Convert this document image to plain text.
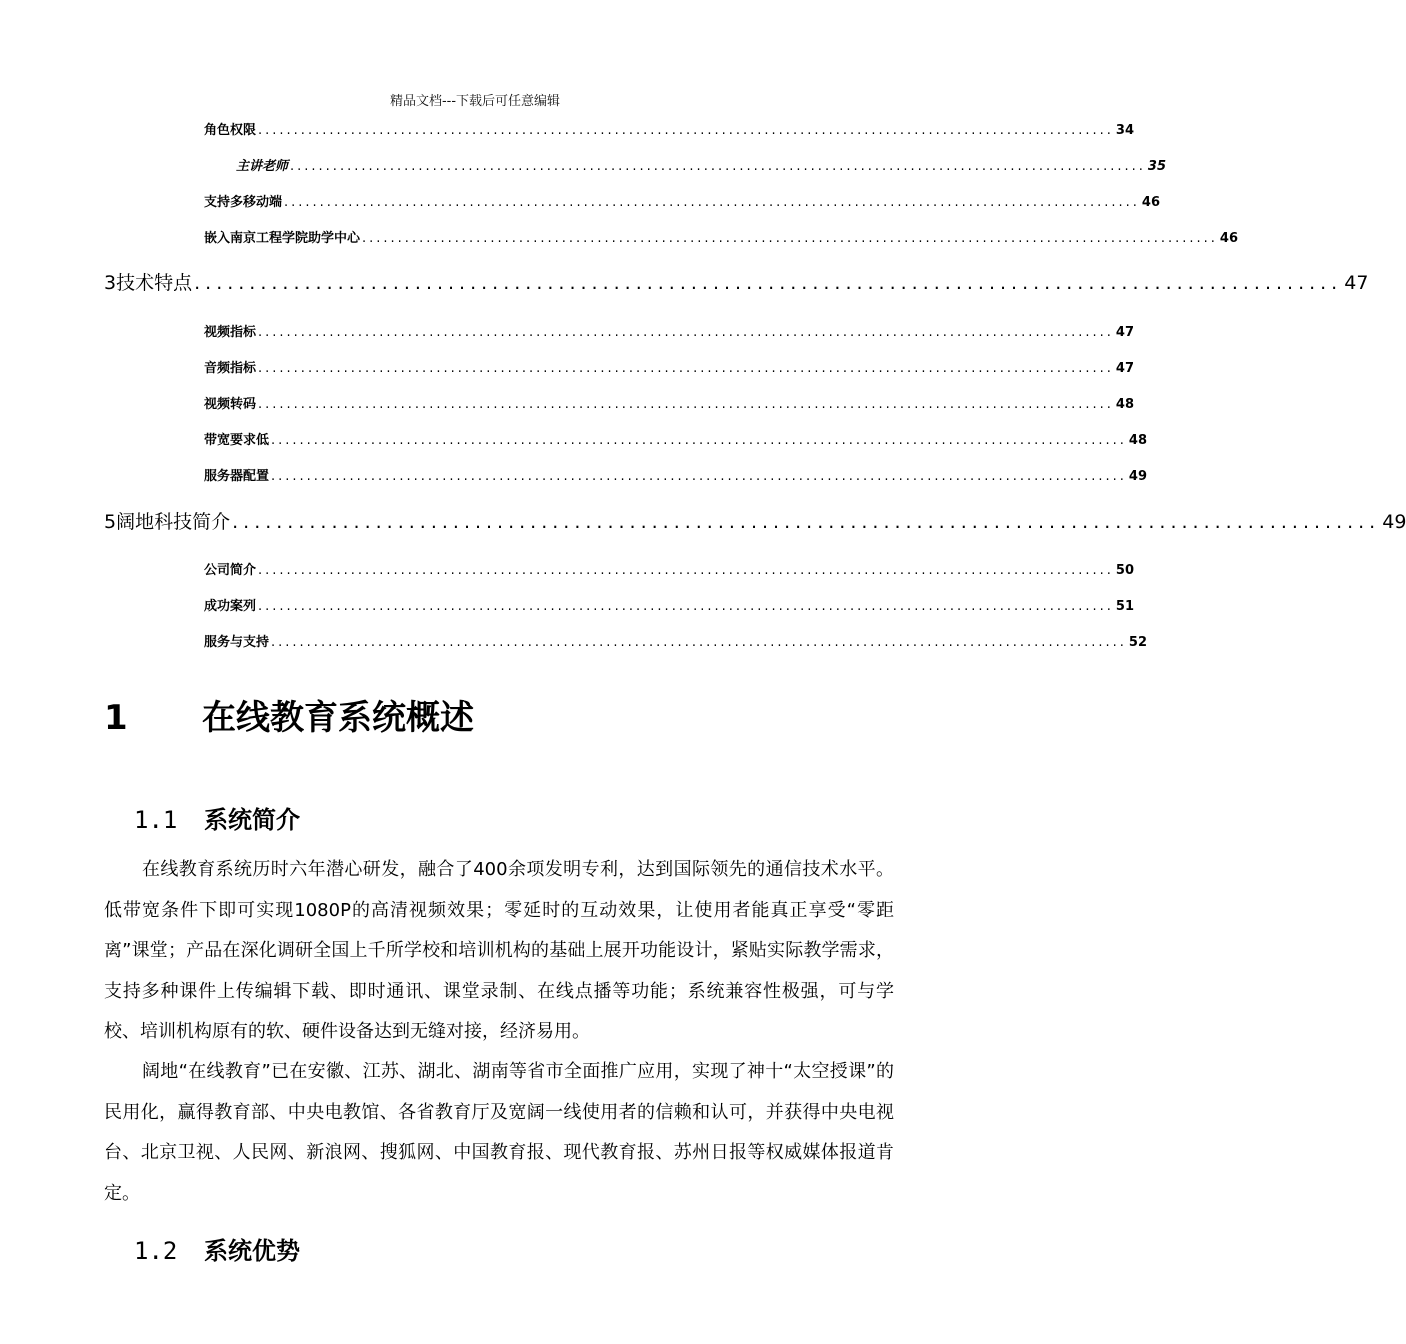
精品文档---下载后可任意编辑
角色权限 ........................................................................................................................ 34
主讲老师 ........................................................................................................................ 35
支持多移动端 ........................................................................................................................ 46
嵌入南京工程学院助学中心 ........................................................................................................................ 46
3 技术特点 ........................................................................................................ 47
视频指标 ........................................................................................................................ 47
音频指标 ........................................................................................................................ 47
视频转码 ........................................................................................................................ 48
带宽要求低 ........................................................................................................................ 48
服务器配置 ........................................................................................................................ 49
5 阔地科技简介 ........................................................................................................ 49
公司简介 ........................................................................................................................ 50
成功案列 ........................................................................................................................ 51
服务与支持 ........................................................................................................................ 52
1 在线教育系统概述
1.1 系统简介
在线教育系统历时六年潜心研发，融合了400余项发明专利，达到国际领先的通信技术水平。低带宽条件下即可实现1080P的高清视频效果；零延时的互动效果，让使用者能真正享受“零距离”课堂；产品在深化调研全国上千所学校和培训机构的基础上展开功能设计，紧贴实际教学需求，支持多种课件上传编辑下载、即时通讯、课堂录制、在线点播等功能；系统兼容性极强，可与学校、培训机构原有的软、硬件设备达到无缝对接，经济易用。
阔地“在线教育”已在安徽、江苏、湖北、湖南等省市全面推广应用，实现了神十“太空授课”的民用化，赢得教育部、中央电教馆、各省教育厅及宽阔一线使用者的信赖和认可，并获得中央电视台、北京卫视、人民网、新浪网、搜狐网、中国教育报、现代教育报、苏州日报等权威媒体报道肯定。
1.2 系统优势
